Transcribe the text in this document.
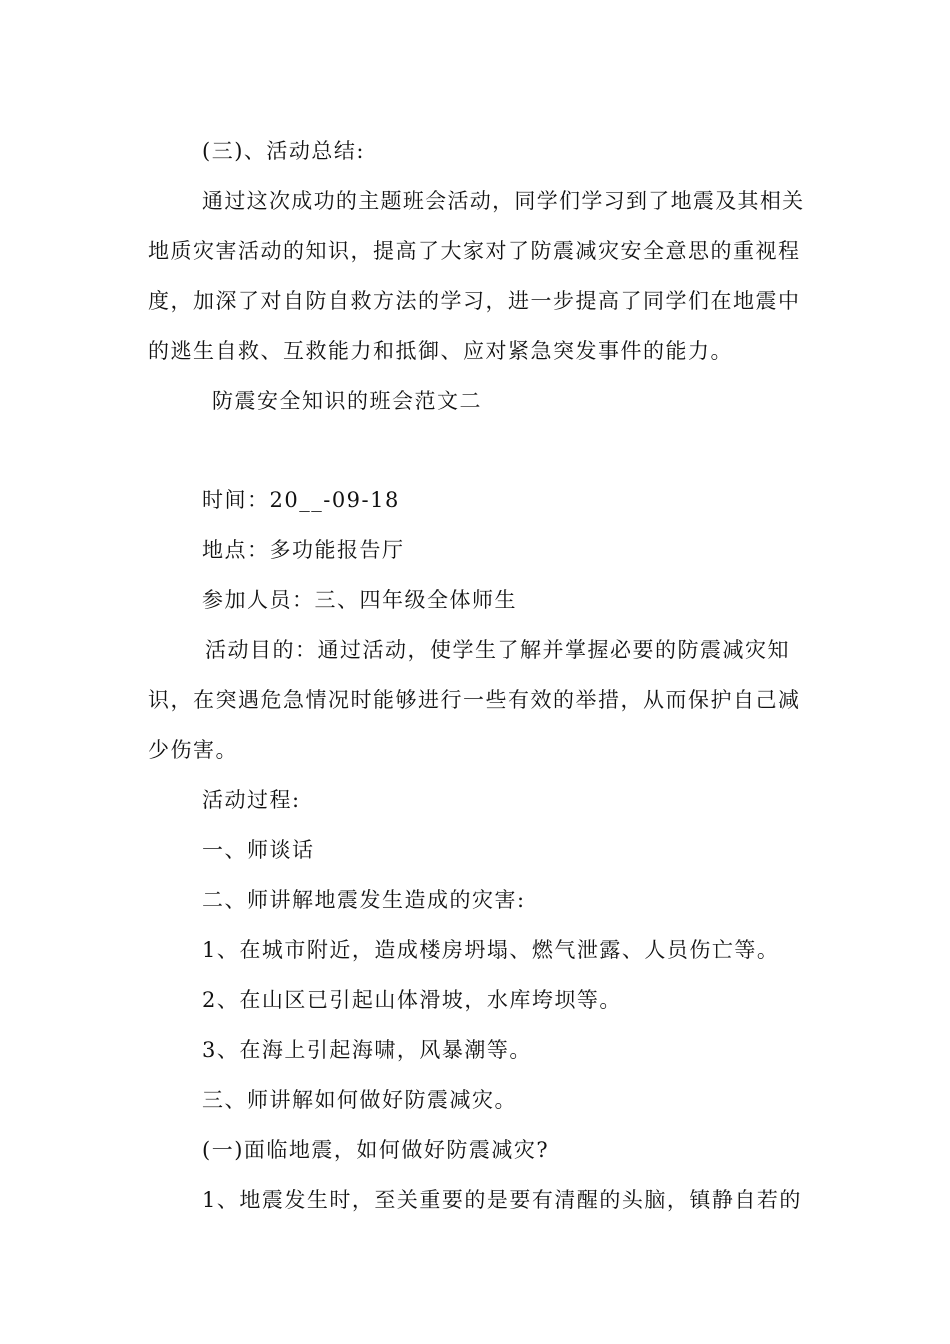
(三)、活动总结:
通过这次成功的主题班会活动，同学们学习到了地震及其相关
地质灾害活动的知识，提高了大家对了防震减灾安全意思的重视程
度，加深了对自防自救方法的学习，进一步提高了同学们在地震中
的逃生自救、互救能力和抵御、应对紧急突发事件的能力。
防震安全知识的班会范文二
时间：20__-09-18
地点：多功能报告厅
参加人员：三、四年级全体师生
活动目的：通过活动，使学生了解并掌握必要的防震减灾知
识，在突遇危急情况时能够进行一些有效的举措，从而保护自己减
少伤害。
活动过程:
一、师谈话
二、师讲解地震发生造成的灾害:
1、在城市附近，造成楼房坍塌、燃气泄露、人员伤亡等。
2、在山区已引起山体滑坡，水库垮坝等。
3、在海上引起海啸，风暴潮等。
三、师讲解如何做好防震减灾。
(一)面临地震，如何做好防震减灾?
1、地震发生时，至关重要的是要有清醒的头脑，镇静自若的
